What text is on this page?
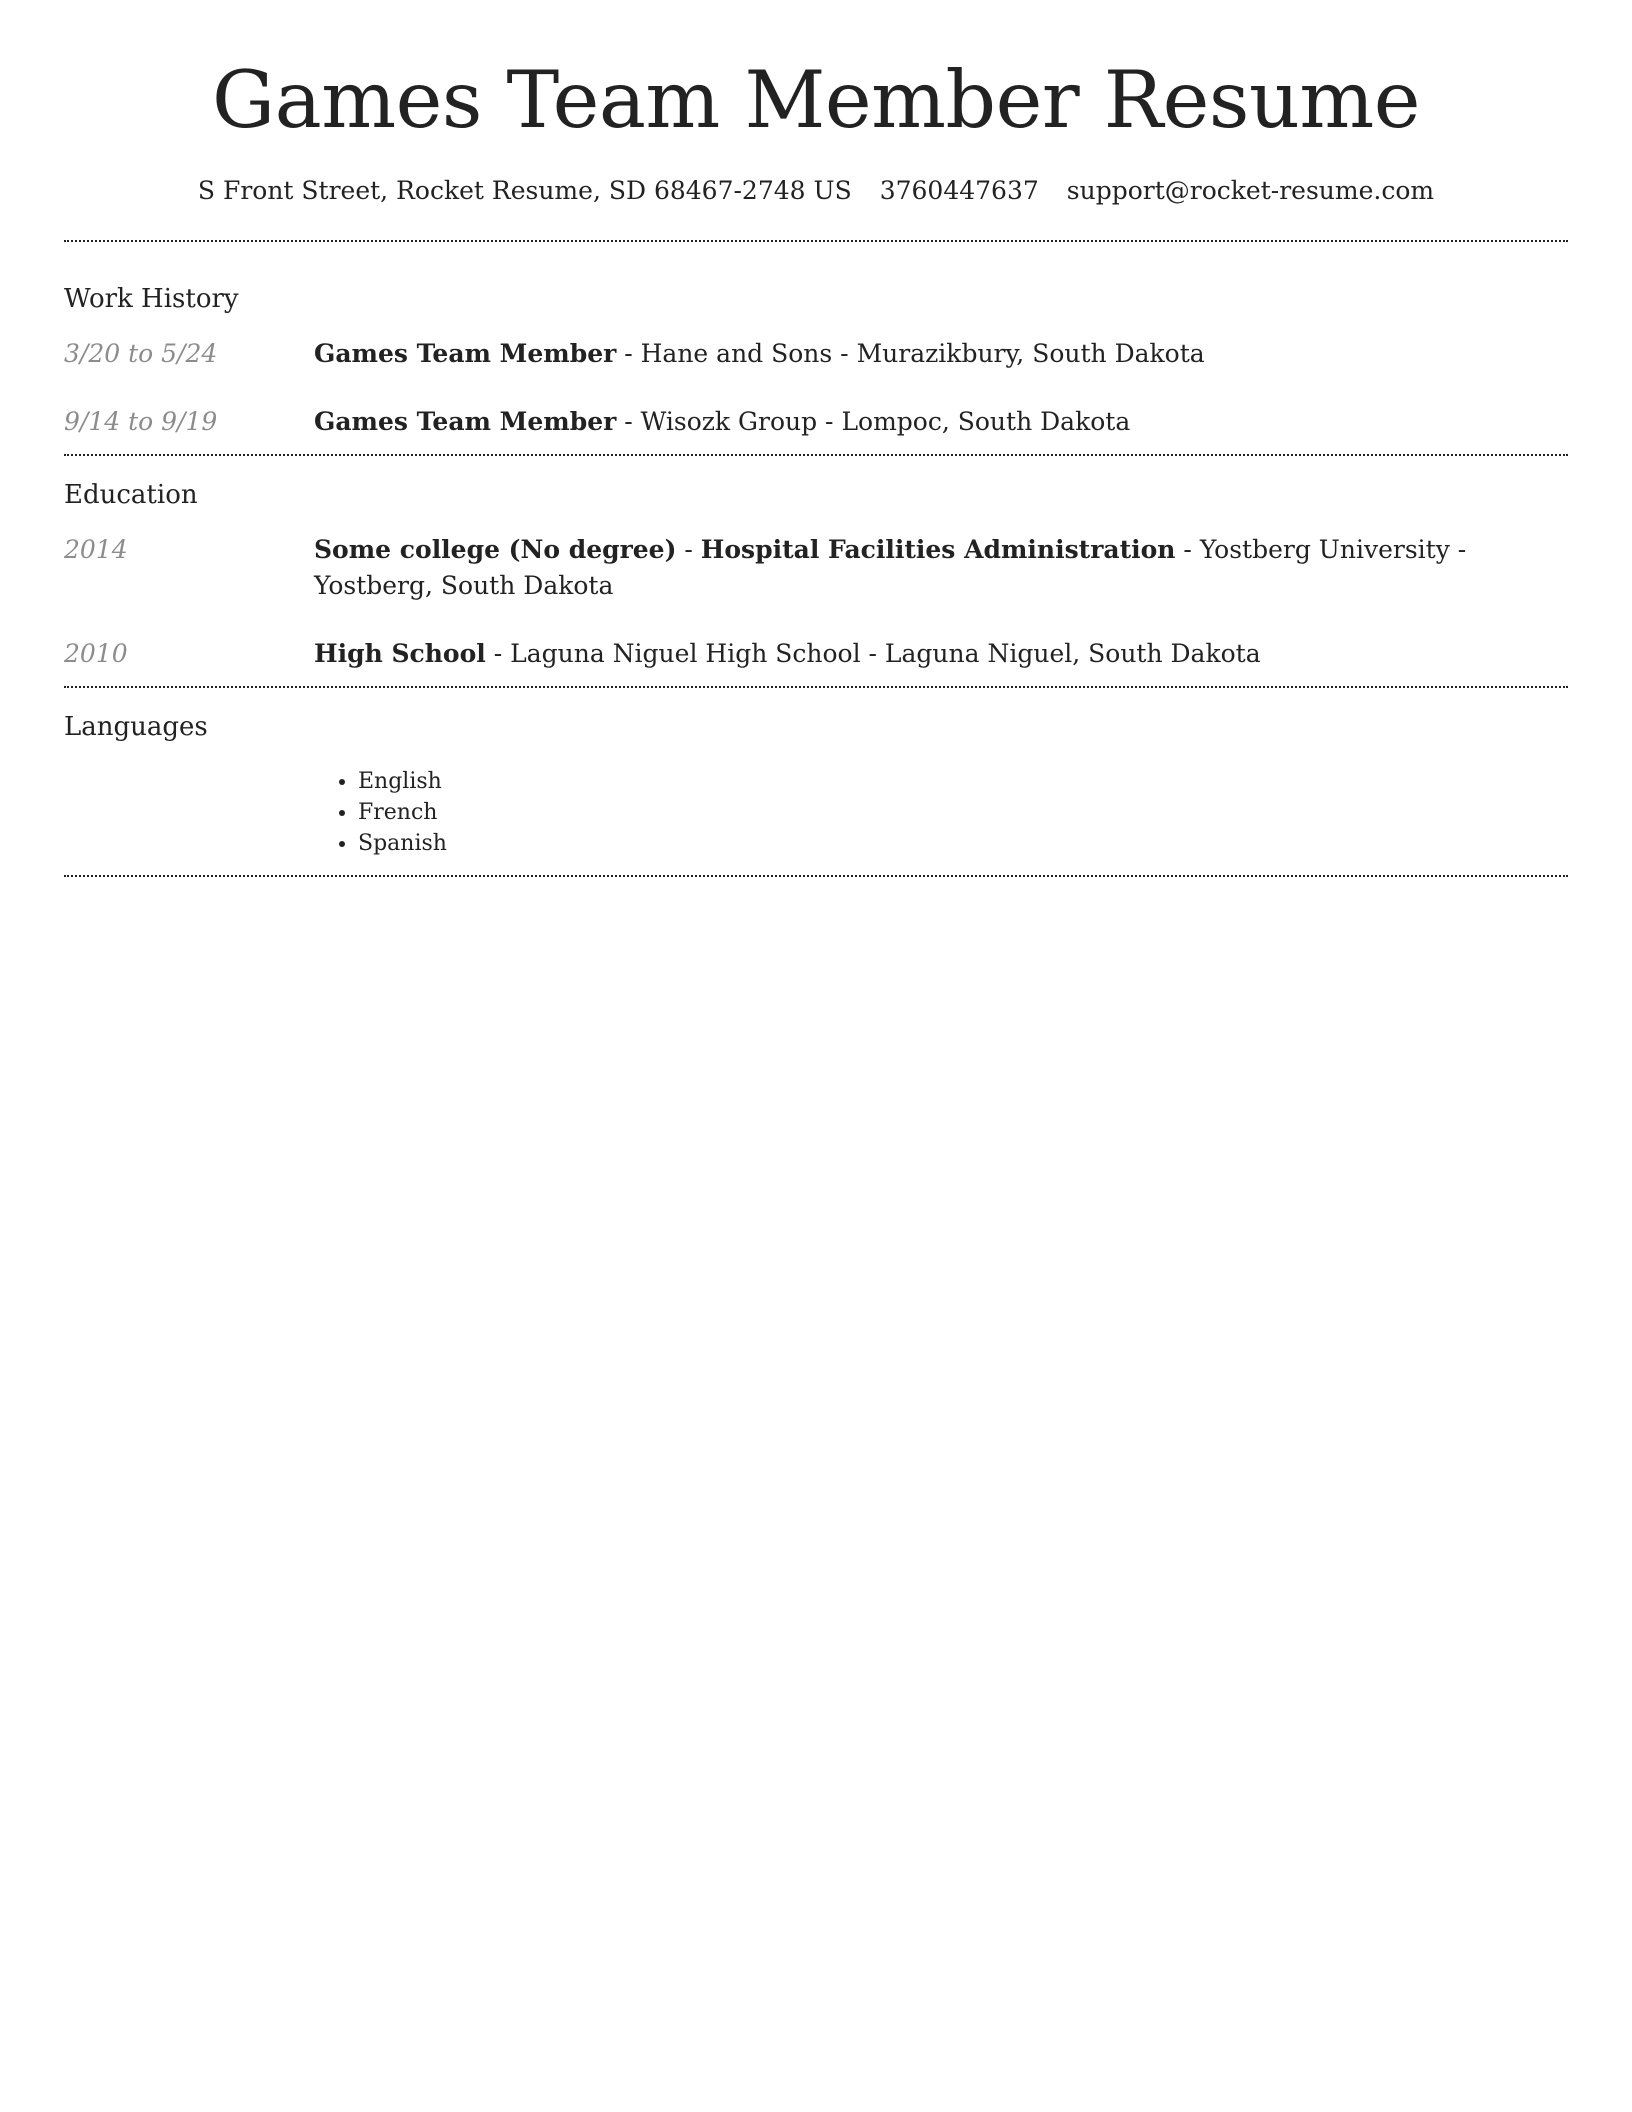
Games Team Member Resume
S Front Street, Rocket Resume, SD 68467-2748 US 3760447637 support@rocket-resume.com
Work History
3/20 to 5/24	Games Team Member - Hane and Sons - Murazikbury, South Dakota
9/14 to 9/19	Games Team Member - Wisozk Group - Lompoc, South Dakota
Education
2014	Some college (No degree) - Hospital Facilities Administration - Yostberg University - Yostberg, South Dakota
2010	High School - Laguna Niguel High School - Laguna Niguel, South Dakota
Languages
• English
• French
• Spanish
